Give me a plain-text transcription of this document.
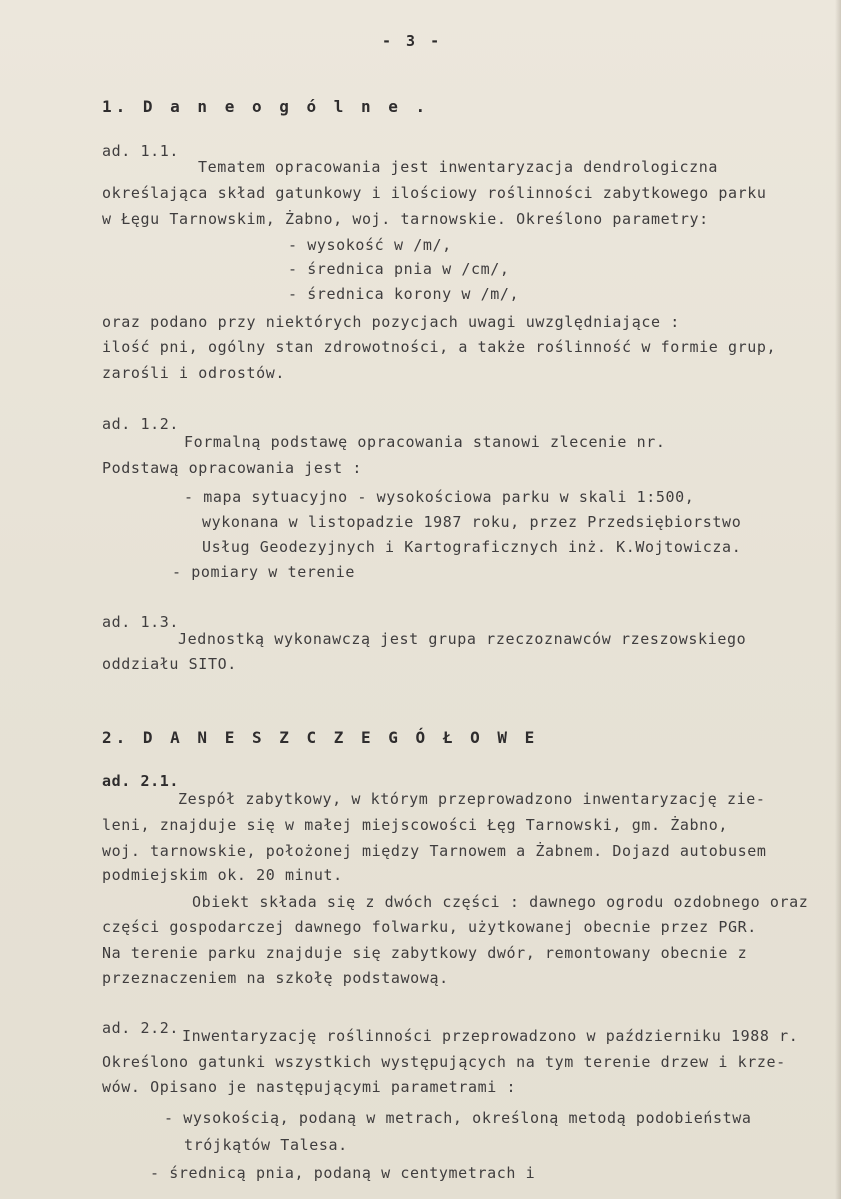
- 3 -
1. D a n e o g ó l n e .
ad. 1.1.
Tematem opracowania jest inwentaryzacja dendrologiczna
określająca skład gatunkowy i ilościowy roślinności zabytkowego parku
w Łęgu Tarnowskim, Żabno, woj. tarnowskie. Określono parametry:
- wysokość w /m/,
- średnica pnia w /cm/,
- średnica korony w /m/,
oraz podano przy niektórych pozycjach uwagi uwzględniające :
ilość pni, ogólny stan zdrowotności, a także roślinność w formie grup,
zarośli i odrostów.
ad. 1.2.
Formalną podstawę opracowania stanowi zlecenie nr.
Podstawą opracowania jest :
- mapa sytuacyjno - wysokościowa parku w skali 1:500,
wykonana w listopadzie 1987 roku, przez Przedsiębiorstwo
Usług Geodezyjnych i Kartograficznych inż. K.Wojtowicza.
- pomiary w terenie
ad. 1.3.
Jednostką wykonawczą jest grupa rzeczoznawców rzeszowskiego
oddziału SITO.
2. D A N E S Z C Z E G Ó Ł O W E
ad. 2.1.
Zespół zabytkowy, w którym przeprowadzono inwentaryzację zie-
leni, znajduje się w małej miejscowości Łęg Tarnowski, gm. Żabno,
woj. tarnowskie, położonej między Tarnowem a Żabnem. Dojazd autobusem
podmiejskim ok. 20 minut.
Obiekt składa się z dwóch części : dawnego ogrodu ozdobnego oraz
części gospodarczej dawnego folwarku, użytkowanej obecnie przez PGR.
Na terenie parku znajduje się zabytkowy dwór, remontowany obecnie z
przeznaczeniem na szkołę podstawową.
ad. 2.2. Inwentaryzację roślinności przeprowadzono w październiku 1988 r.
Określono gatunki wszystkich występujących na tym terenie drzew i krze-
wów. Opisano je następującymi parametrami :
- wysokością, podaną w metrach, określoną metodą podobieństwa
trójkątów Talesa.
- średnicą pnia, podaną w centymetrach i
